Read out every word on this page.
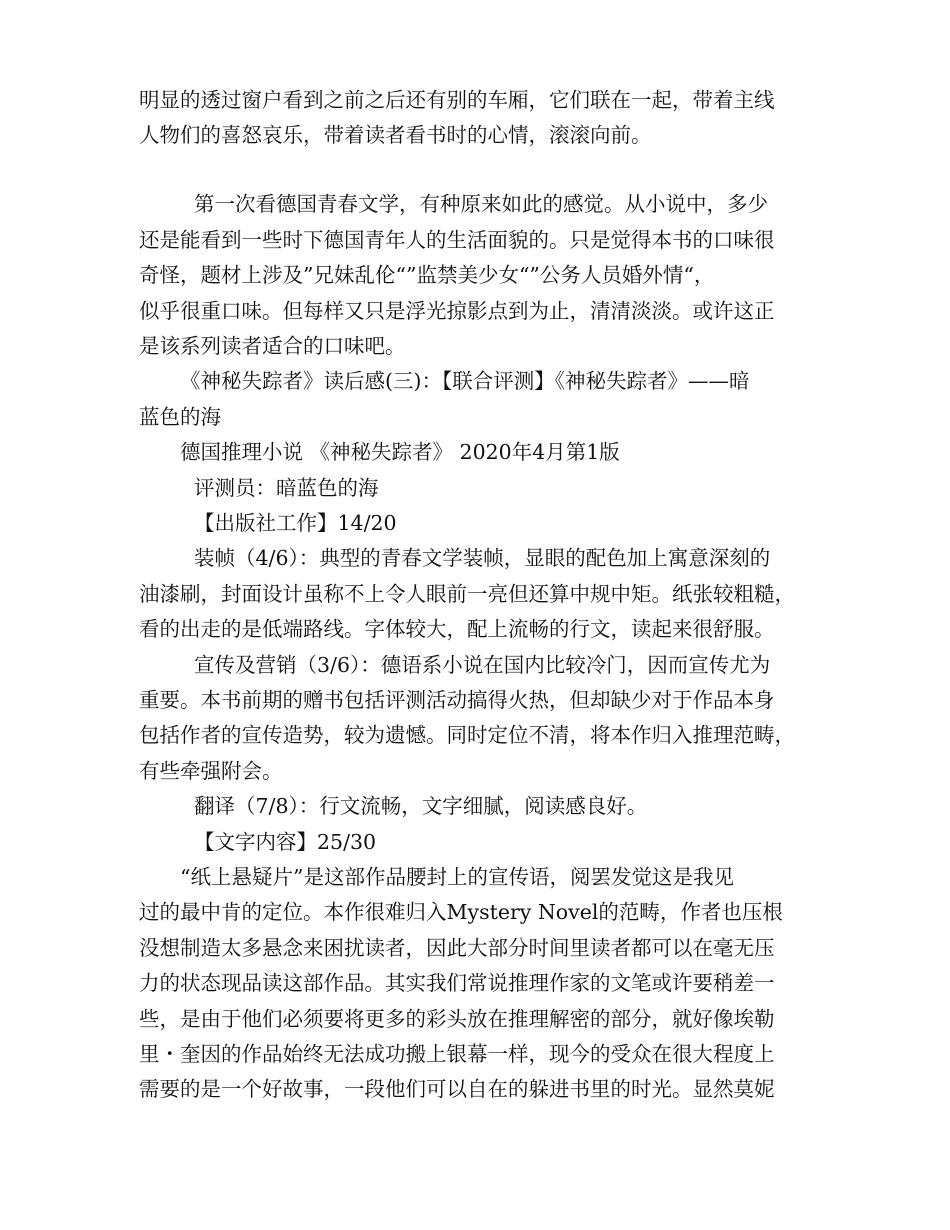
明显的透过窗户看到之前之后还有别的车厢，它们联在一起，带着主线
人物们的喜怒哀乐，带着读者看书时的心情，滚滚向前。
第一次看德国青春文学，有种原来如此的感觉。从小说中，多少
还是能看到一些时下德国青年人的生活面貌的。只是觉得本书的口味很
奇怪，题材上涉及”兄妹乱伦“”监禁美少女“”公务人员婚外情“，
似乎很重口味。但每样又只是浮光掠影点到为止，清清淡淡。或许这正
是该系列读者适合的口味吧。
《神秘失踪者》读后感(三)：【联合评测】《神秘失踪者》——暗
蓝色的海
德国推理小说 《神秘失踪者》 2020年4月第1版
评测员：暗蓝色的海
【出版社工作】14/20
装帧（4/6）：典型的青春文学装帧，显眼的配色加上寓意深刻的
油漆刷，封面设计虽称不上令人眼前一亮但还算中规中矩。纸张较粗糙，
看的出走的是低端路线。字体较大，配上流畅的行文，读起来很舒服。
宣传及营销（3/6）：德语系小说在国内比较冷门，因而宣传尤为
重要。本书前期的赠书包括评测活动搞得火热，但却缺少对于作品本身
包括作者的宣传造势，较为遗憾。同时定位不清，将本作归入推理范畴，
有些牵强附会。
翻译（7/8）：行文流畅，文字细腻，阅读感良好。
【文字内容】25/30
“纸上悬疑片”是这部作品腰封上的宣传语，阅罢发觉这是我见
过的最中肯的定位。本作很难归入Mystery Novel的范畴，作者也压根
没想制造太多悬念来困扰读者，因此大部分时间里读者都可以在毫无压
力的状态现品读这部作品。其实我们常说推理作家的文笔或许要稍差一
些，是由于他们必须要将更多的彩头放在推理解密的部分，就好像埃勒
里・奎因的作品始终无法成功搬上银幕一样，现今的受众在很大程度上
需要的是一个好故事，一段他们可以自在的躲进书里的时光。显然莫妮
